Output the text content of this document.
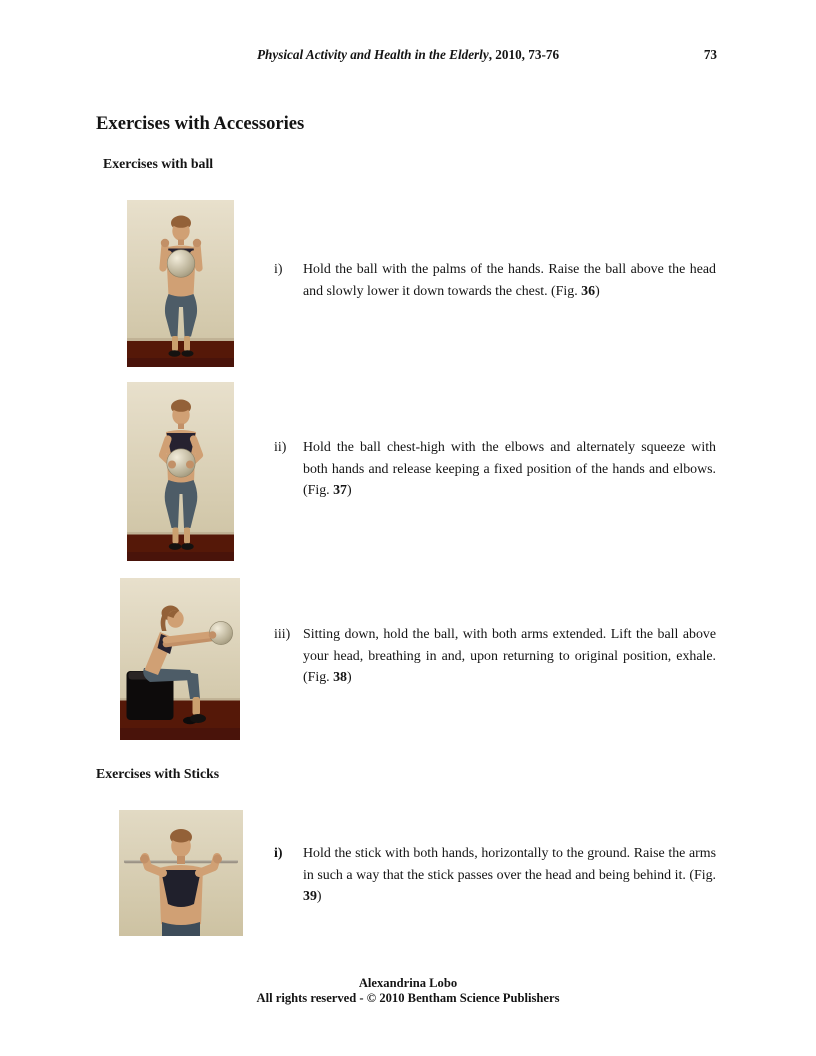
Physical Activity and Health in the Elderly, 2010, 73-76	73
Exercises with Accessories
Exercises with ball
i)	Hold the ball with the palms of the hands. Raise the ball above the head and slowly lower it down towards the chest. (Fig. 36)
ii)	Hold the ball chest-high with the elbows and alternately squeeze with both hands and release keeping a fixed position of the hands and elbows. (Fig. 37)
iii) Sitting down, hold the ball, with both arms extended. Lift the ball above your head, breathing in and, upon returning to original position, exhale. (Fig. 38)
Exercises with Sticks
i)	Hold the stick with both hands, horizontally to the ground. Raise the arms in such a way that the stick passes over the head and being behind it. (Fig. 39)
Alexandrina Lobo
All rights reserved - © 2010 Bentham Science Publishers
